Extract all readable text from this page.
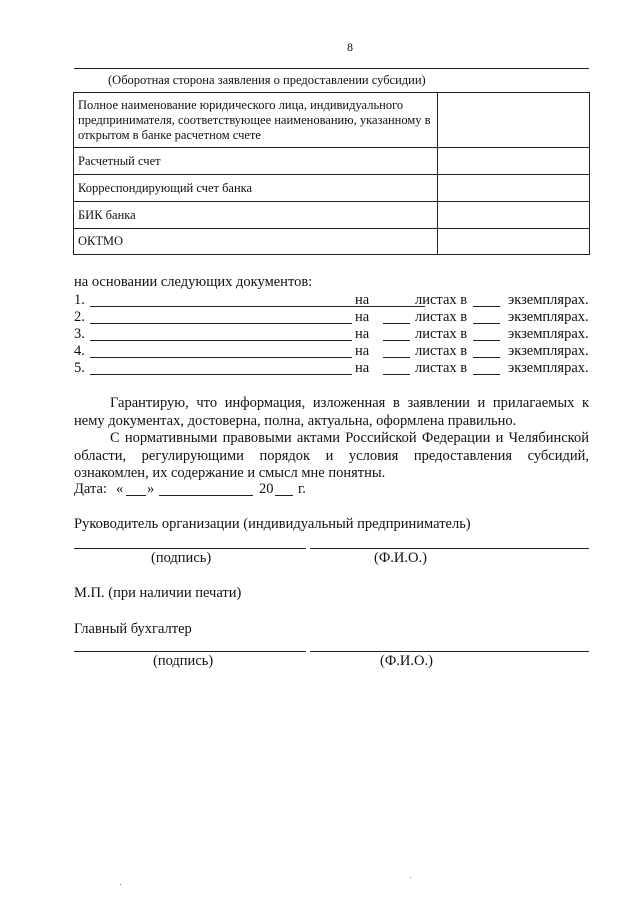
8
(Оборотная сторона заявления о предоставлении субсидии)
Полное наименование юридического лица, индивидуального предпринимателя, соответствующее наименованию, указанному в открытом в банке расчетном счете	
Расчетный счет	
Корреспондирующий счет банка	
БИК банка	
ОКТМО	
на основании следующих документов:
1.	на	листах в	экземплярах.
2.	на	листах в	экземплярах.
3.	на	листах в	экземплярах.
4.	на	листах в	экземплярах.
5.	на	листах в	экземплярах.
Гарантирую, что информация, изложенная в заявлении и прилагаемых к нему документах, достоверна, полна, актуальна, оформлена правильно.
С нормативными правовыми актами Российской Федерации и Челябинской области, регулирующими порядок и условия предоставления субсидий, ознакомлен, их содержание и смысл мне понятны.
Дата: « »	20 г.
Руководитель организации (индивидуальный предприниматель)
(подпись)	(Ф.И.О.)
М.П. (при наличии печати)
Главный бухгалтер
(подпись)	(Ф.И.О.)
